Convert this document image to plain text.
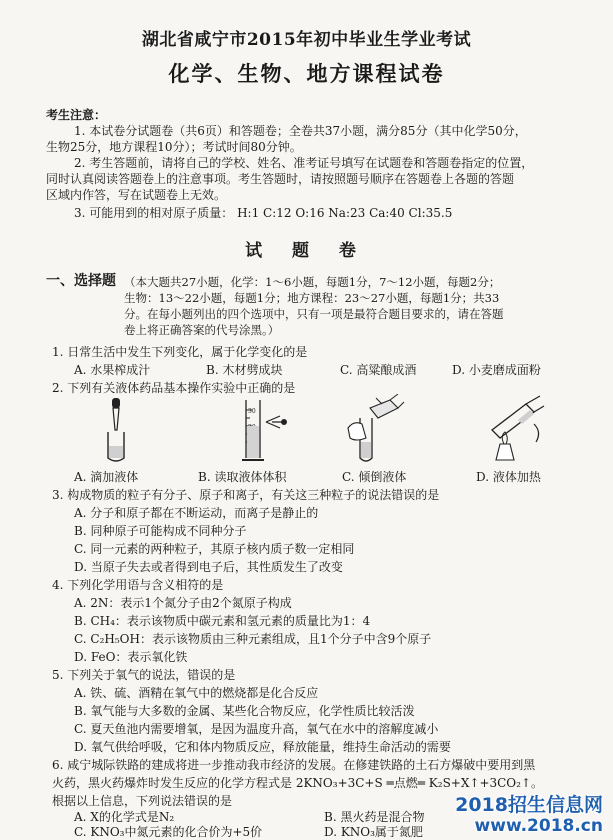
湖北省咸宁市2015年初中毕业生学业考试
化学、生物、地方课程试卷
考生注意：
1. 本试卷分试题卷（共6页）和答题卷；全卷共37小题，满分85分（其中化学50分，
生物25分，地方课程10分）；考试时间80分钟。
2. 考生答题前，请将自己的学校、姓名、准考证号填写在试题卷和答题卷指定的位置，
同时认真阅读答题卷上的注意事项。考生答题时，请按照题号顺序在答题卷上各题的答题
区域内作答，写在试题卷上无效。
3. 可能用到的相对原子质量： H:1 C:12 O:16 Na:23 Ca:40 Cl:35.5
试 题 卷
一、选择题 （本大题共27小题，化学：1～6小题，每题1分，7～12小题，每题2分；
生物：13～22小题，每题1分；地方课程：23～27小题，每题1分；共33
分。在每小题列出的四个选项中，只有一项是最符合题目要求的，请在答题
卷上将正确答案的代号涂黑。）
1. 日常生活中发生下列变化，属于化学变化的是
A. 水果榨成汁	B. 木材劈成块	C. 高粱酿成酒	D. 小麦磨成面粉
2. 下列有关液体药品基本操作实验中正确的是
30
A. 滴加液体	B. 读取液体体积	C. 倾倒液体	D. 液体加热
3. 构成物质的粒子有分子、原子和离子，有关这三种粒子的说法错误的是
A. 分子和原子都在不断运动，而离子是静止的
B. 同种原子可能构成不同种分子
C. 同一元素的两种粒子，其原子核内质子数一定相同
D. 当原子失去或者得到电子后，其性质发生了改变
4. 下列化学用语与含义相符的是
A. 2N：表示1个氮分子由2个氮原子构成
B. CH₄：表示该物质中碳元素和氢元素的质量比为1：4
C. C₂H₅OH：表示该物质由三种元素组成，且1个分子中含9个原子
D. FeO：表示氧化铁
5. 下列关于氧气的说法，错误的是
A. 铁、硫、酒精在氧气中的燃烧都是化合反应
B. 氧气能与大多数的金属、某些化合物反应，化学性质比较活泼
C. 夏天鱼池内需要增氧，是因为温度升高，氧气在水中的溶解度减小
D. 氧气供给呼吸，它和体内物质反应，释放能量，维持生命活动的需要
6. 咸宁城际铁路的建成将进一步推动我市经济的发展。在修建铁路的土石方爆破中要用到黑
火药，黑火药爆炸时发生反应的化学方程式是 2KNO₃+3C+S ═点燃═ K₂S+X↑+3CO₂↑。
根据以上信息，下列说法错误的是
A. X的化学式是N₂	B. 黑火药是混合物
C. KNO₃中氮元素的化合价为+5价	D. KNO₃属于氮肥
2018招生信息网
www.2018.cn
